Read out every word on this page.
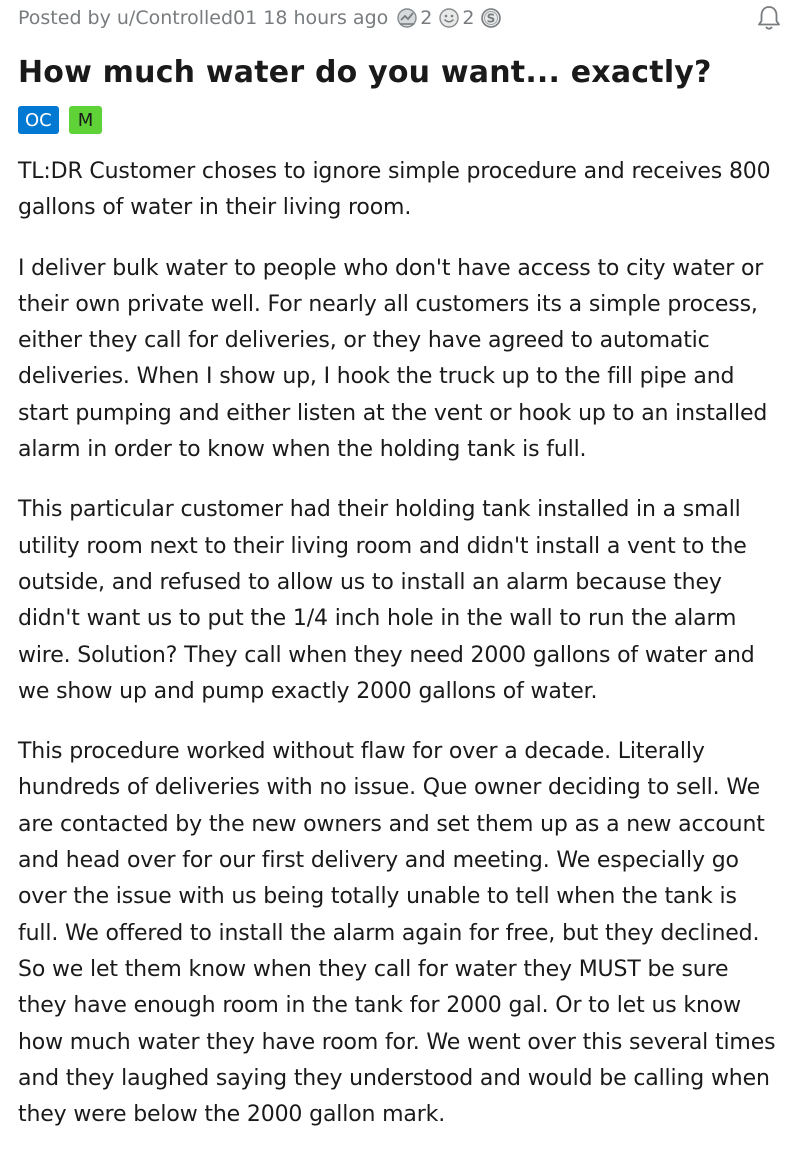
Posted by u/Controlled01 18 hours ago 2 2 S
How much water do you want... exactly?
OC	M

TL:DR Customer choses to ignore simple procedure and receives 800 gallons of water in their living room.

I deliver bulk water to people who don't have access to city water or their own private well. For nearly all customers its a simple process, either they call for deliveries, or they have agreed to automatic deliveries. When I show up, I hook the truck up to the fill pipe and start pumping and either listen at the vent or hook up to an installed alarm in order to know when the holding tank is full.

This particular customer had their holding tank installed in a small utility room next to their living room and didn't install a vent to the outside, and refused to allow us to install an alarm because they didn't want us to put the 1/4 inch hole in the wall to run the alarm wire. Solution? They call when they need 2000 gallons of water and we show up and pump exactly 2000 gallons of water.

This procedure worked without flaw for over a decade. Literally hundreds of deliveries with no issue. Que owner deciding to sell. We are contacted by the new owners and set them up as a new account and head over for our first delivery and meeting. We especially go over the issue with us being totally unable to tell when the tank is full. We offered to install the alarm again for free, but they declined. So we let them know when they call for water they MUST be sure they have enough room in the tank for 2000 gal. Or to let us know how much water they have room for. We went over this several times and they laughed saying they understood and would be calling when they were below the 2000 gallon mark.
